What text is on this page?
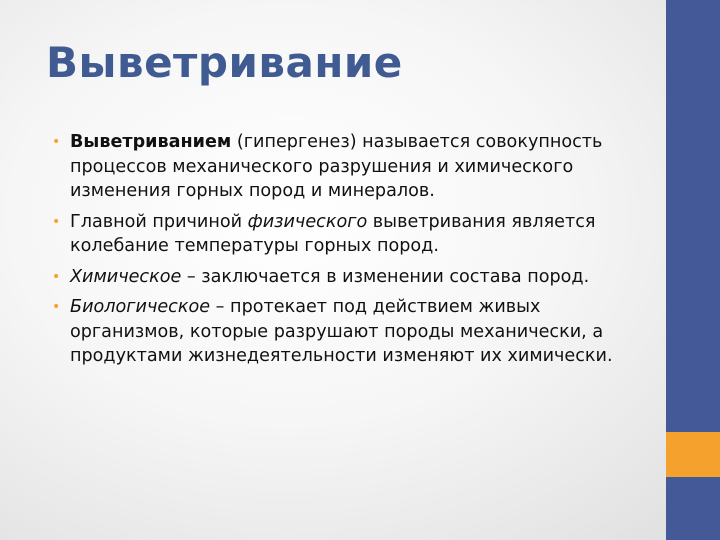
Выветривание
• Выветриванием (гипергенез) называется совокупность процессов механического разрушения и химического изменения горных пород и минералов.
• Главной причиной физического выветривания является колебание температуры горных пород.
• Химическое – заключается в изменении состава пород.
• Биологическое – протекает под действием живых организмов, которые разрушают породы механически, а продуктами жизнедеятельности изменяют их химически.
